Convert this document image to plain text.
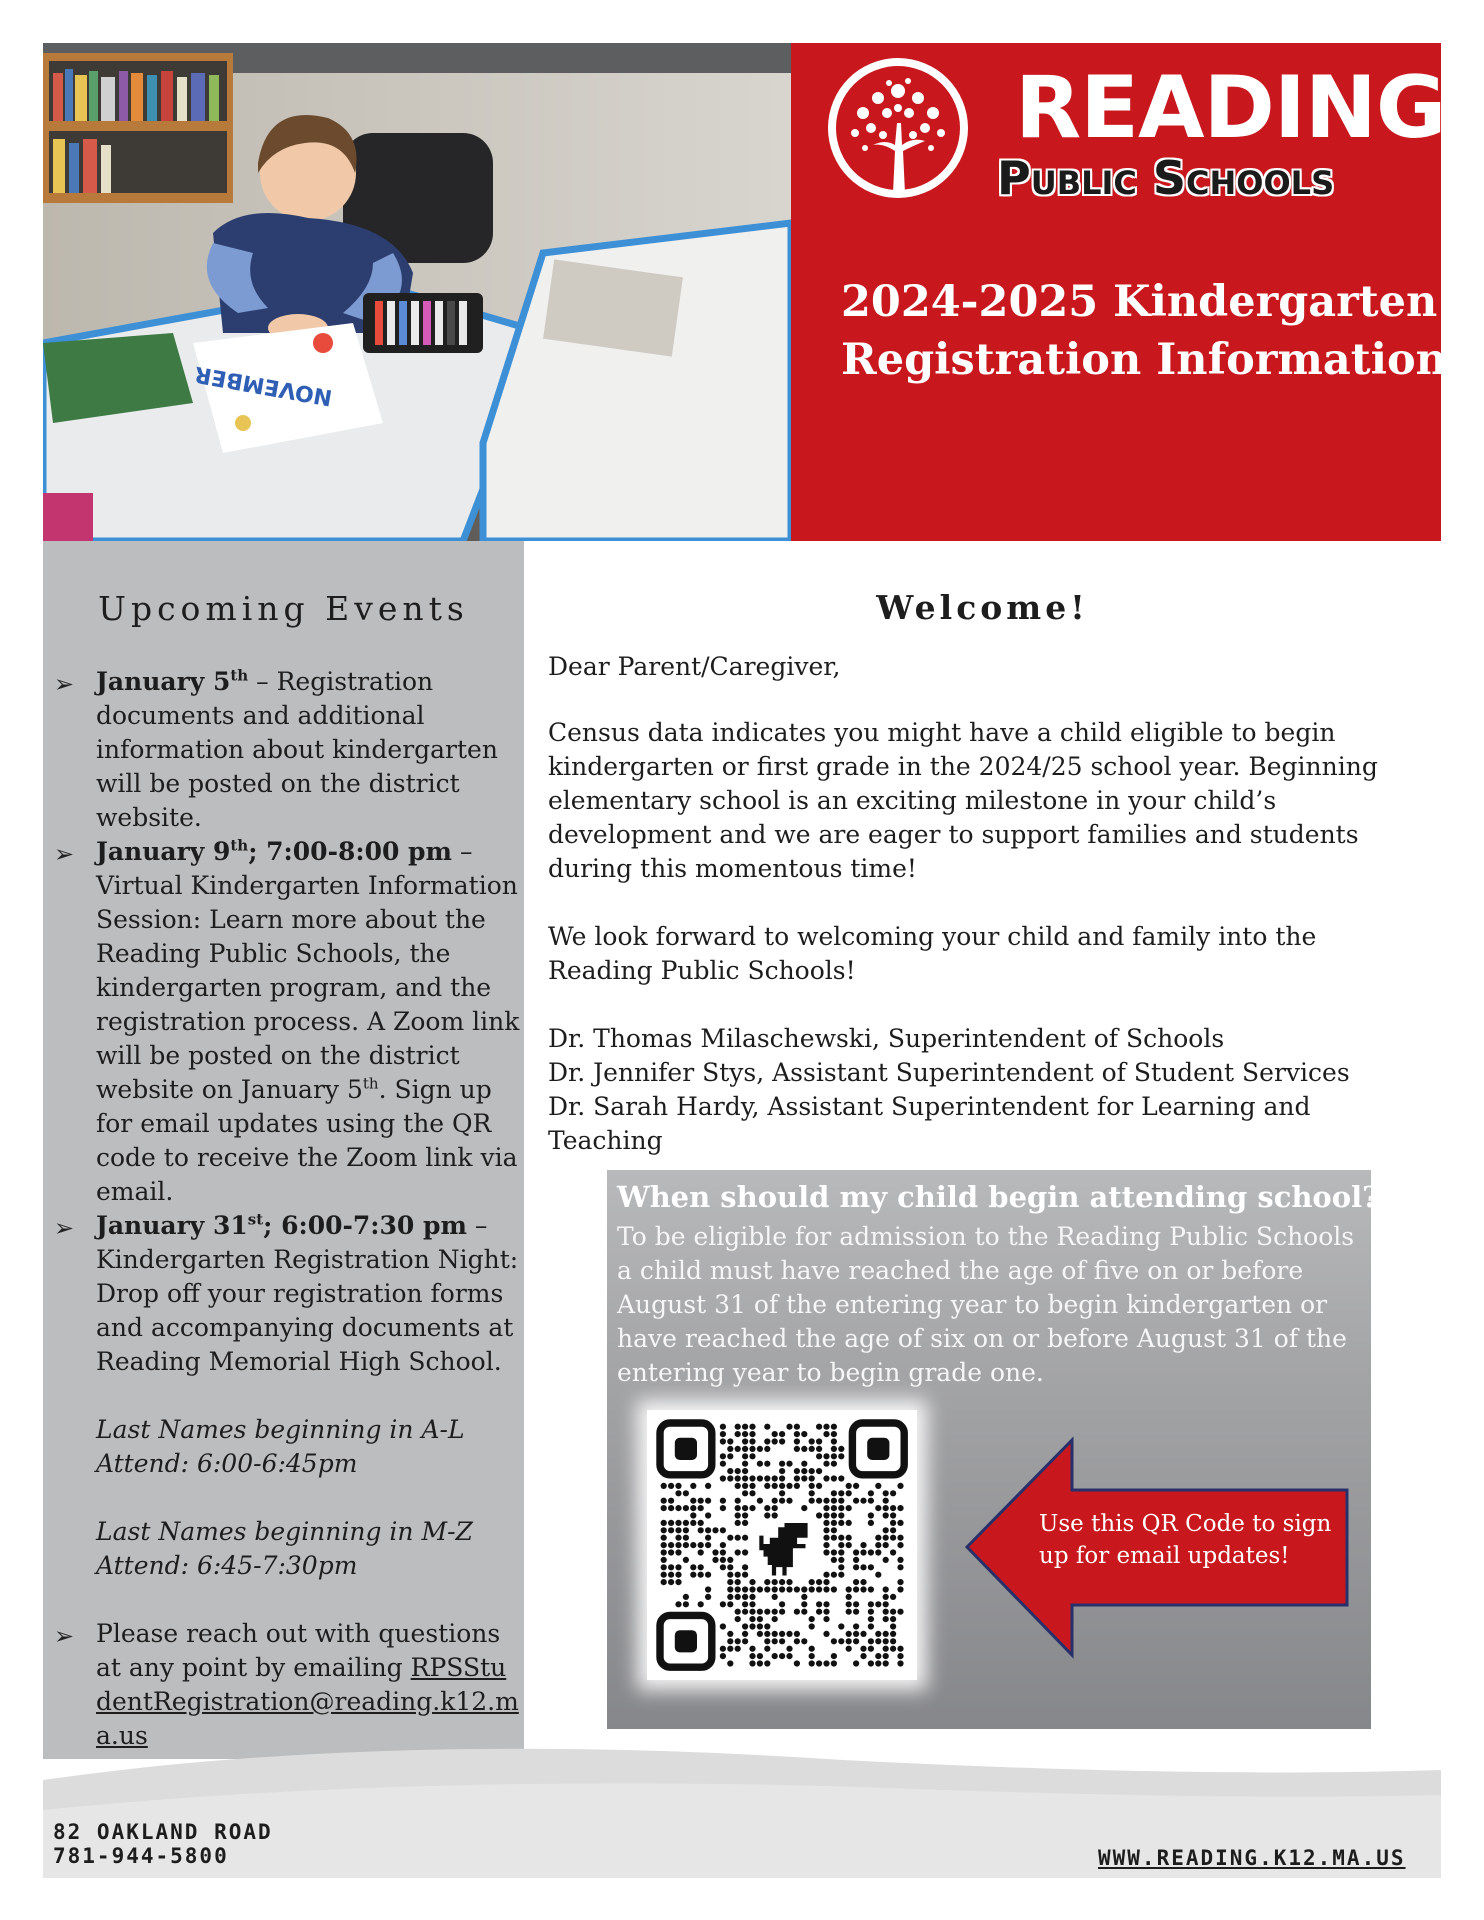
NOVEMBER
READING
Public Schools
2024-2025 Kindergarten
Registration Information
Upcoming Events
➢ January 5th – Registration documents and additional information about kindergarten will be posted on the district website.
➢ January 9th; 7:00-8:00 pm – Virtual Kindergarten Information Session: Learn more about the Reading Public Schools, the kindergarten program, and the registration process. A Zoom link will be posted on the district website on January 5th. Sign up for email updates using the QR code to receive the Zoom link via email.
➢ January 31st; 6:00-7:30 pm – Kindergarten Registration Night: Drop off your registration forms and accompanying documents at Reading Memorial High School.
Last Names beginning in A-L
Attend: 6:00-6:45pm
Last Names beginning in M-Z
Attend: 6:45-7:30pm
➢ Please reach out with questions at any point by emailing RPSStudentRegistration@reading.k12.ma.us
Welcome!
Dear Parent/Caregiver,
Census data indicates you might have a child eligible to begin kindergarten or first grade in the 2024/25 school year. Beginning elementary school is an exciting milestone in your child’s development and we are eager to support families and students during this momentous time!
We look forward to welcoming your child and family into the Reading Public Schools!
Dr. Thomas Milaschewski, Superintendent of Schools
Dr. Jennifer Stys, Assistant Superintendent of Student Services
Dr. Sarah Hardy, Assistant Superintendent for Learning and Teaching
When should my child begin attending school?
To be eligible for admission to the Reading Public Schools a child must have reached the age of five on or before August 31 of the entering year to begin kindergarten or have reached the age of six on or before August 31 of the entering year to begin grade one.
Use this QR Code to sign up for email updates!
82 OAKLAND ROAD
781-944-5800	WWW.READING.K12.MA.US
